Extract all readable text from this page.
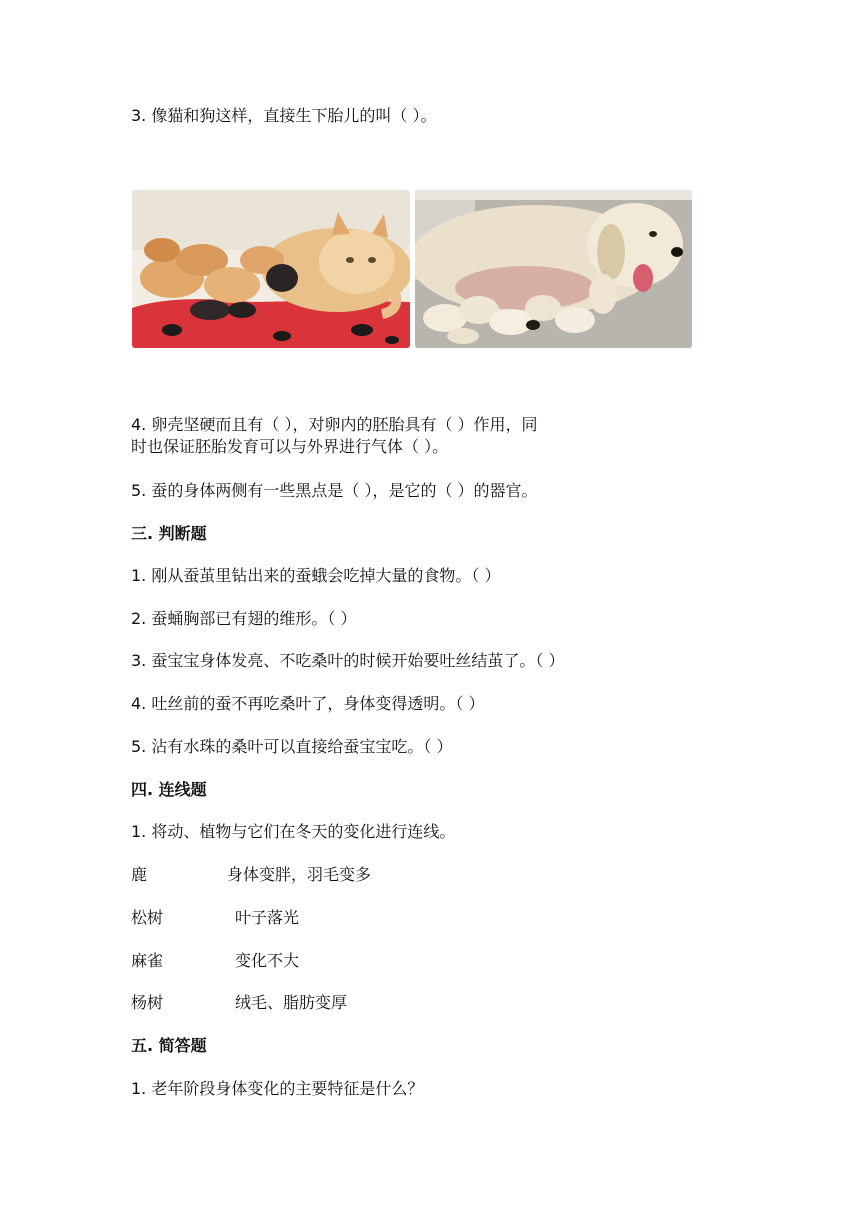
3. 像猫和狗这样，直接生下胎儿的叫（ ）。
4. 卵壳坚硬而且有（ ），对卵内的胚胎具有（ ）作用，同
时也保证胚胎发育可以与外界进行气体（ ）。
5. 蚕的身体两侧有一些黑点是（ ），是它的（ ）的器官。
三. 判断题
1. 刚从蚕茧里钻出来的蚕蛾会吃掉大量的食物。（ ）
2. 蚕蛹胸部已有翅的维形。（ ）
3. 蚕宝宝身体发亮、不吃桑叶的时候开始要吐丝结茧了。（ ）
4. 吐丝前的蚕不再吃桑叶了，身体变得透明。（ ）
5. 沾有水珠的桑叶可以直接给蚕宝宝吃。（ ）
四. 连线题
1. 将动、植物与它们在冬天的变化进行连线。
鹿	身体变胖，羽毛变多
松树	叶子落光
麻雀	变化不大
杨树	绒毛、脂肪变厚
五. 简答题
1. 老年阶段身体变化的主要特征是什么？
